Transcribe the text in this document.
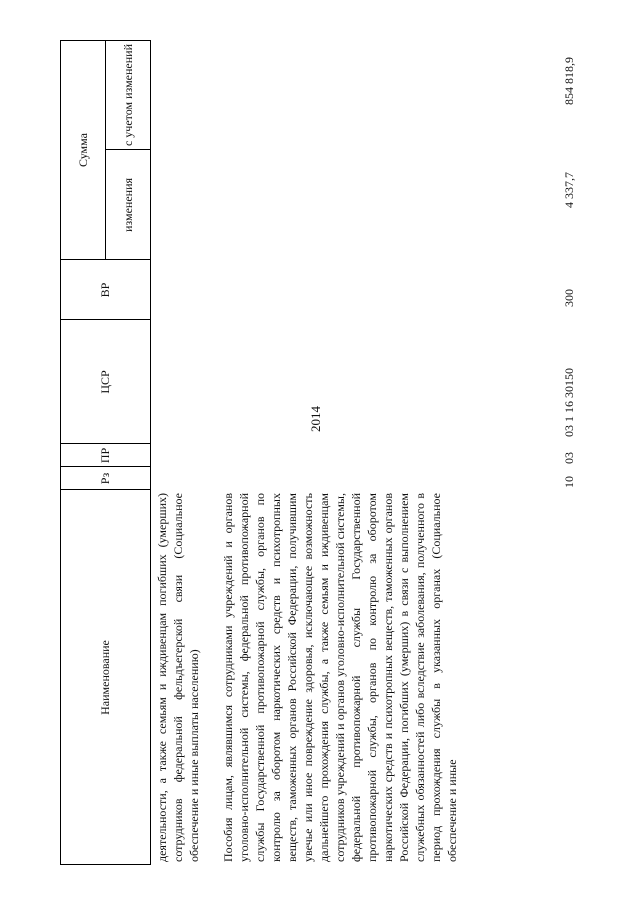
2014
Наименование
Рз
ПР
ЦСР
ВР
Сумма
изменения
с учетом изменений
деятельности, а также семьям и иждивенцам погибших (умерших) сотрудников федеральной фельдъегерской связи (Социальное обеспечение и иные выплаты населению) Пособия лицам, являвшимся сотрудниками учреждений и органов уголовно-исполнительной системы, федеральной противопожарной службы Государственной противопожарной службы, органов по контролю за оборотом наркотических средств и психотропных веществ, таможенных органов Российской Федерации, получившим увечье или иное повреждение здоровья, исключающее возможность дальнейшего прохождения службы, а также семьям и иждивенцам сотрудников учреждений и органов уголовно-исполнительной системы, федеральной противопожарной службы Государственной противопожарной службы, органов по контролю за оборотом наркотических средств и психотропных веществ, таможенных органов Российской Федерации, погибших (умерших) в связи с выполнением служебных обязанностей либо вследствие заболевания, полученного в период прохождения службы в указанных органах (Социальное обеспечение и иные
10
03
03 1 16 30150
300
4 337,7
854 818,9
